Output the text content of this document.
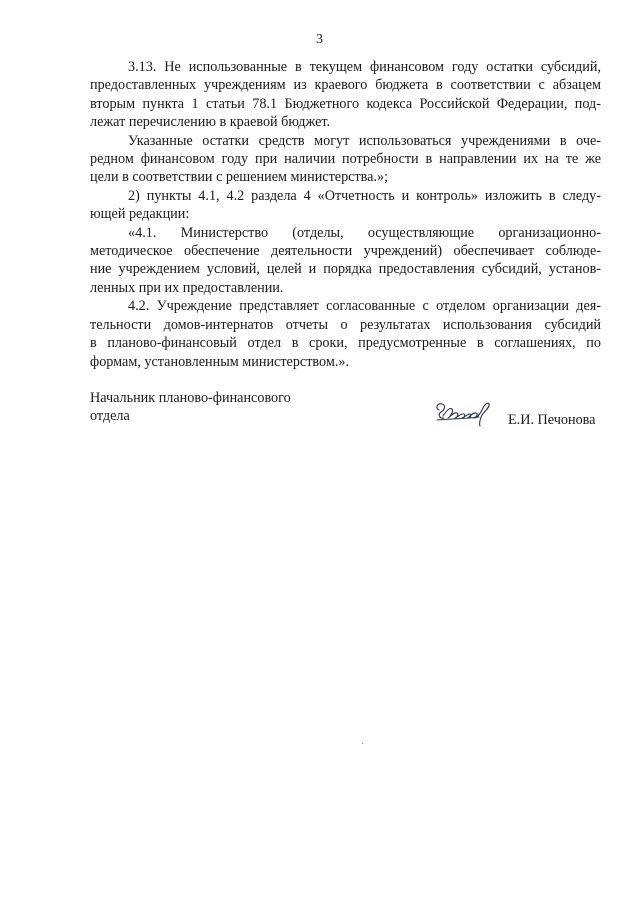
3
3.13. Не использованные в текущем финансовом году остатки субсидий,
предоставленных учреждениям из краевого бюджета в соответствии с абзацем
вторым пункта 1 статьи 78.1 Бюджетного кодекса Российской Федерации, под-
лежат перечислению в краевой бюджет.
Указанные остатки средств могут использоваться учреждениями в оче-
редном финансовом году при наличии потребности в направлении их на те же
цели в соответствии с решением министерства.»;
2) пункты 4.1, 4.2 раздела 4 «Отчетность и контроль» изложить в следу-
ющей редакции:
«4.1. Министерство (отделы, осуществляющие организационно-
методическое обеспечение деятельности учреждений) обеспечивает соблюде-
ние учреждением условий, целей и порядка предоставления субсидий, установ-
ленных при их предоставлении.
4.2. Учреждение представляет согласованные с отделом организации дея-
тельности домов-интернатов отчеты о результатах использования субсидий
в планово-финансовый отдел в сроки, предусмотренные в соглашениях, по
формам, установленным министерством.».
Начальник планово-финансового
отдела	Е.И. Печонова
